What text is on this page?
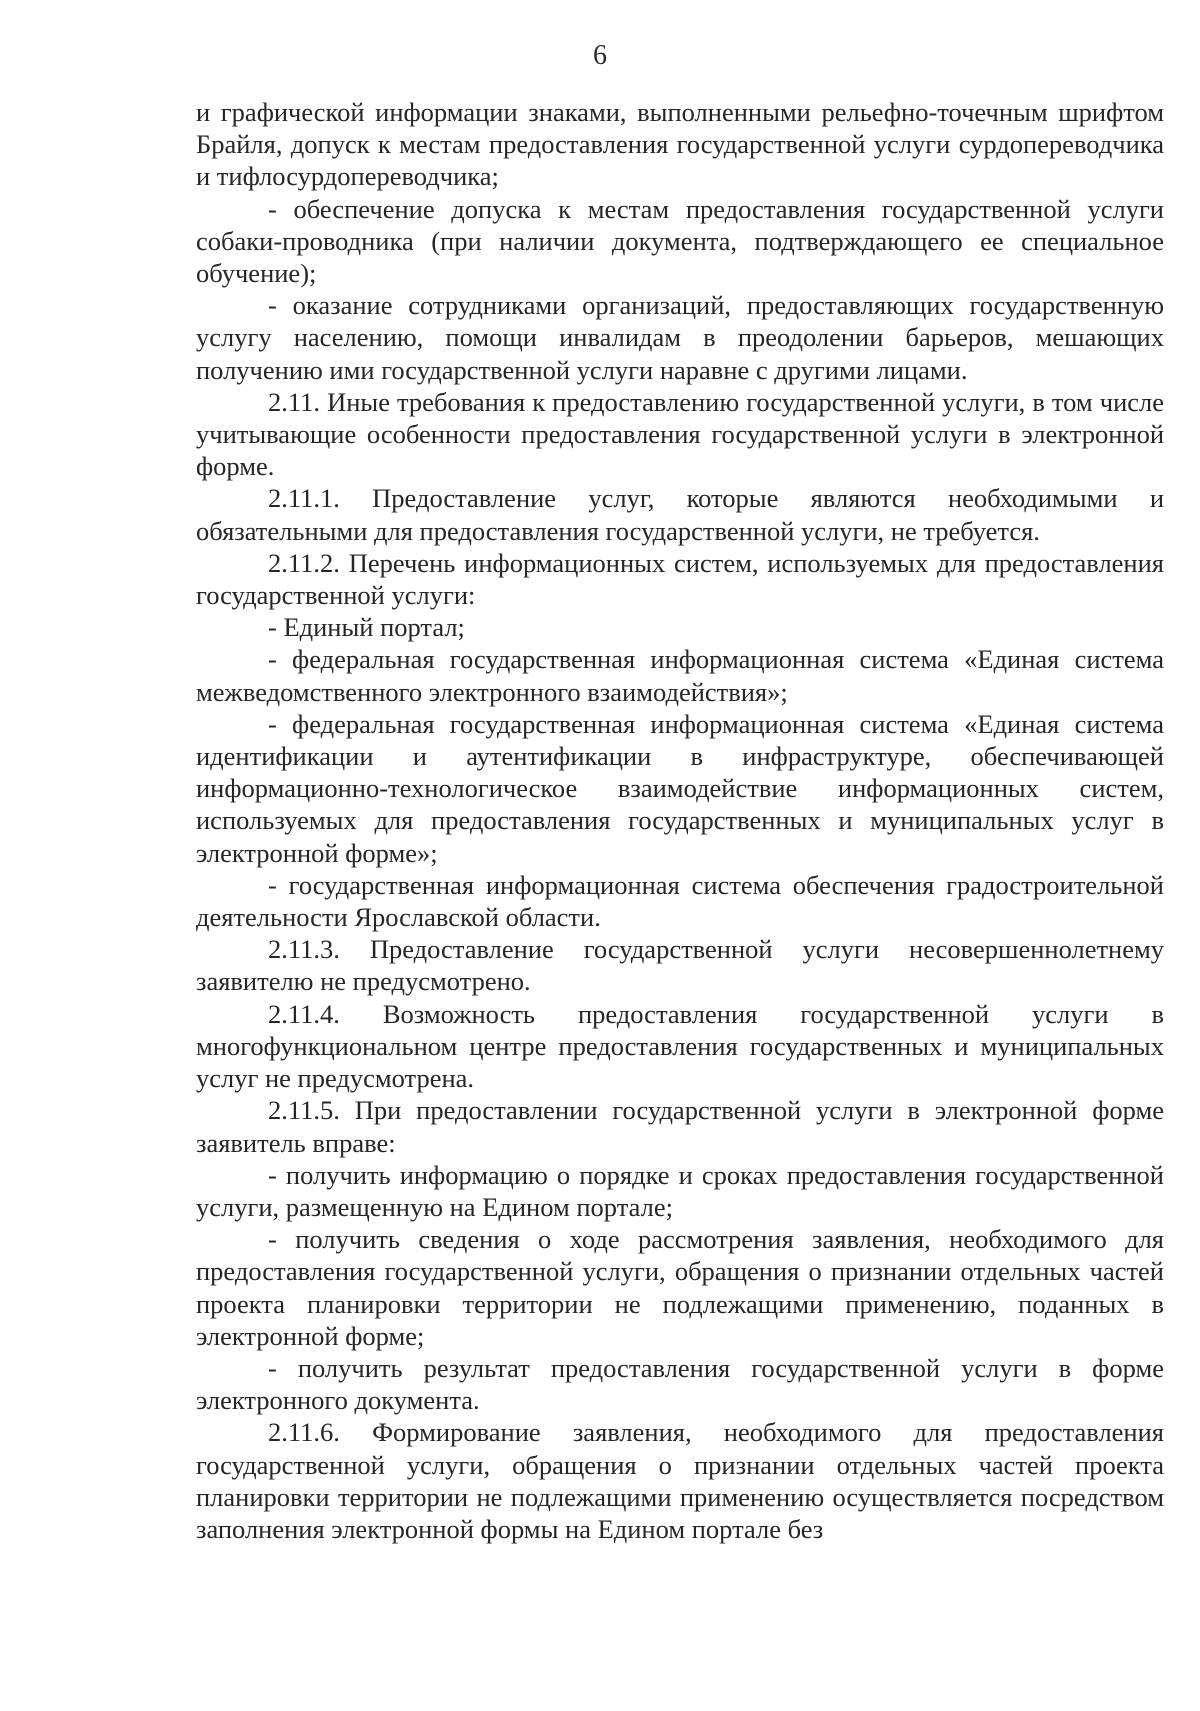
6

и графической информации знаками, выполненными рельефно-точечным шрифтом Брайля, допуск к местам предоставления государственной услуги сурдопереводчика и тифлосурдопереводчика;

- обеспечение допуска к местам предоставления государственной услуги собаки-проводника (при наличии документа, подтверждающего ее специальное обучение);

- оказание сотрудниками организаций, предоставляющих государственную услугу населению, помощи инвалидам в преодолении барьеров, мешающих получению ими государственной услуги наравне с другими лицами.

2.11. Иные требования к предоставлению государственной услуги, в том числе учитывающие особенности предоставления государственной услуги в электронной форме.

2.11.1. Предоставление услуг, которые являются необходимыми и обязательными для предоставления государственной услуги, не требуется.

2.11.2. Перечень информационных систем, используемых для предоставления государственной услуги:

- Единый портал;

- федеральная государственная информационная система «Единая система межведомственного электронного взаимодействия»;

- федеральная государственная информационная система «Единая система идентификации и аутентификации в инфраструктуре, обеспечивающей информационно-технологическое взаимодействие информационных систем, используемых для предоставления государственных и муниципальных услуг в электронной форме»;

- государственная информационная система обеспечения градостроительной деятельности Ярославской области.

2.11.3. Предоставление государственной услуги несовершеннолетнему заявителю не предусмотрено.

2.11.4. Возможность предоставления государственной услуги в многофункциональном центре предоставления государственных и муниципальных услуг не предусмотрена.

2.11.5. При предоставлении государственной услуги в электронной форме заявитель вправе:

- получить информацию о порядке и сроках предоставления государственной услуги, размещенную на Едином портале;

- получить сведения о ходе рассмотрения заявления, необходимого для предоставления государственной услуги, обращения о признании отдельных частей проекта планировки территории не подлежащими применению, поданных в электронной форме;

- получить результат предоставления государственной услуги в форме электронного документа.

2.11.6. Формирование заявления, необходимого для предоставления государственной услуги, обращения о признании отдельных частей проекта планировки территории не подлежащими применению осуществляется посредством заполнения электронной формы на Едином портале без
